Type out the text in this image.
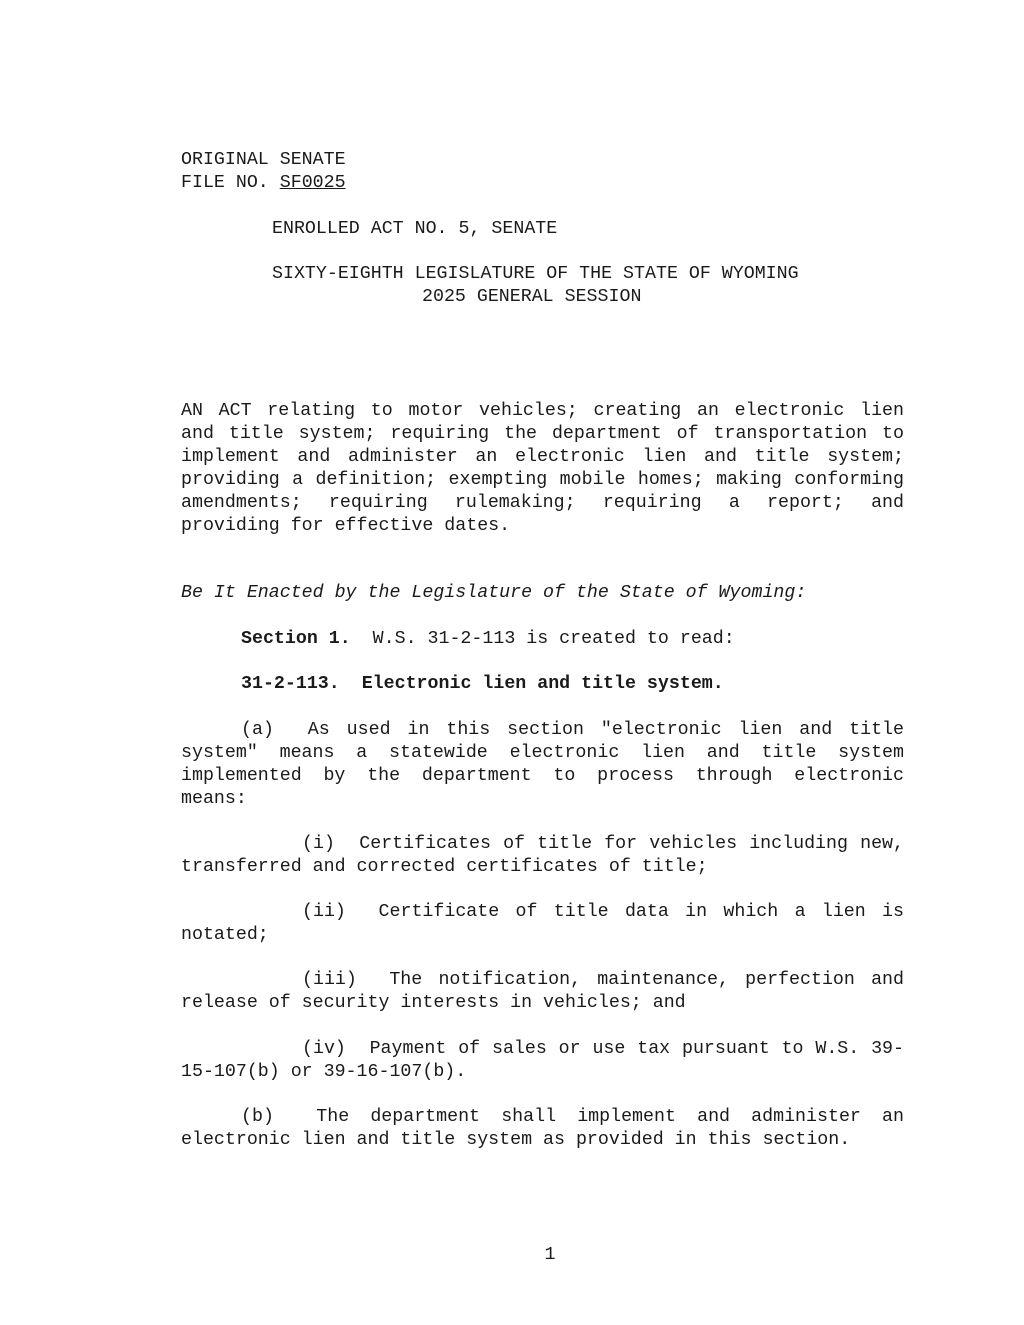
ORIGINAL SENATE
FILE NO. SF0025
ENROLLED ACT NO. 5, SENATE
SIXTY-EIGHTH LEGISLATURE OF THE STATE OF WYOMING
2025 GENERAL SESSION

AN ACT relating to motor vehicles; creating an electronic lien and title system; requiring the department of transportation to implement and administer an electronic lien and title system; providing a definition; exempting mobile homes; making conforming amendments; requiring rulemaking; requiring a report; and providing for effective dates.

Be It Enacted by the Legislature of the State of Wyoming:

Section 1. W.S. 31-2-113 is created to read:

31-2-113. Electronic lien and title system.

(a) As used in this section "electronic lien and title system" means a statewide electronic lien and title system implemented by the department to process through electronic means:

(i) Certificates of title for vehicles including new, transferred and corrected certificates of title;

(ii) Certificate of title data in which a lien is notated;

(iii) The notification, maintenance, perfection and release of security interests in vehicles; and

(iv) Payment of sales or use tax pursuant to W.S. 39-15-107(b) or 39-16-107(b).

(b) The department shall implement and administer an electronic lien and title system as provided in this section.

1
